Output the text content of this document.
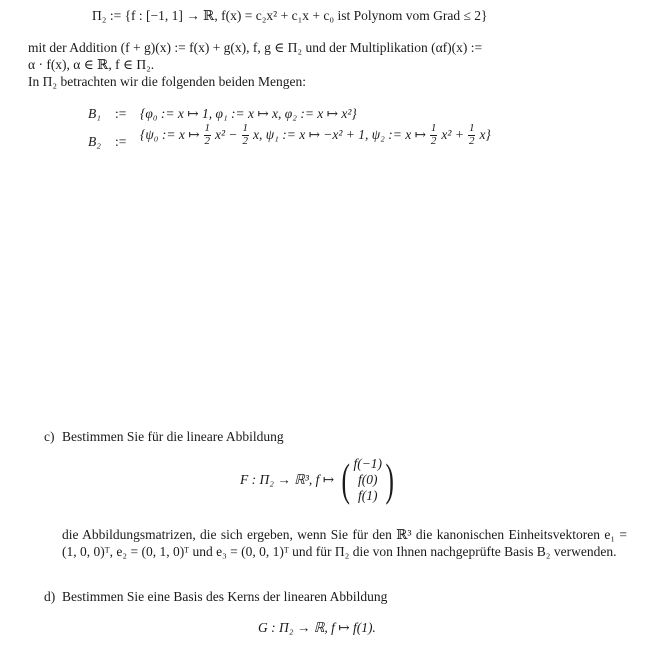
Π₂ := {f : [−1, 1] → ℝ, f(x) = c₂x² + c₁x + c₀ ist Polynom vom Grad ≤ 2}
mit der Addition (f + g)(x) := f(x) + g(x), f, g ∈ Π₂ und der Multiplikation (αf)(x) :=
α · f(x), α ∈ ℝ, f ∈ Π₂.
In Π₂ betrachten wir die folgenden beiden Mengen:
B₁ := {φ₀ := x ↦ 1, φ₁ := x ↦ x, φ₂ := x ↦ x²}
B₂ := {ψ₀ := x ↦ $\frac{1}{2} x^2 - \frac{1}{2} x$, ψ₁ := x ↦ −x² + 1, ψ₂ := x ↦ $\frac{1}{2} x^2 + \frac{1}{2} x$}
c) Bestimmen Sie für die lineare Abbildung
F : Π₂ → ℝ³, f ↦ ( f(−1)
f(0)
f(1) )
die Abbildungsmatrizen, die sich ergeben, wenn Sie für den ℝ³ die kanonischen Einheitsvektoren e₁ = (1, 0, 0)ᵀ, e₂ = (0, 1, 0)ᵀ und e₃ = (0, 0, 1)ᵀ und für Π₂ die von Ihnen nachgeprüfte Basis B₂ verwenden.
d) Bestimmen Sie eine Basis des Kerns der linearen Abbildung
G : Π₂ → ℝ, f ↦ f(1).
